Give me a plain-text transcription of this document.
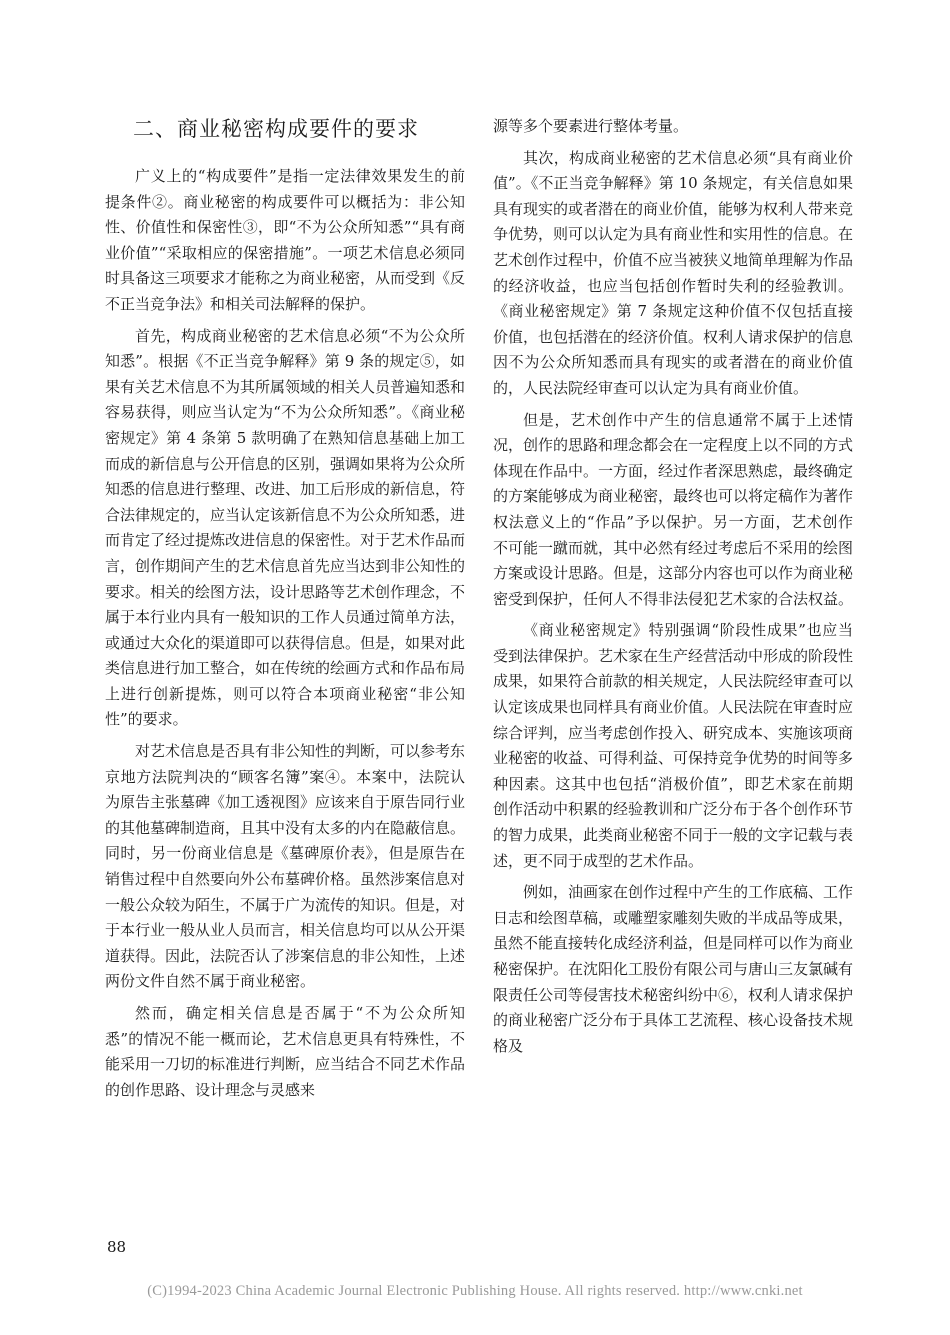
二、商业秘密构成要件的要求

广义上的“构成要件”是指一定法律效果发生的前提条件②。商业秘密的构成要件可以概括为：非公知性、价值性和保密性③，即“不为公众所知悉”“具有商业价值”“采取相应的保密措施”。一项艺术信息必须同时具备这三项要求才能称之为商业秘密，从而受到《反不正当竞争法》和相关司法解释的保护。

首先，构成商业秘密的艺术信息必须“不为公众所知悉”。根据《不正当竞争解释》第 9 条的规定⑤，如果有关艺术信息不为其所属领域的相关人员普遍知悉和容易获得，则应当认定为“不为公众所知悉”。《商业秘密规定》第 4 条第 5 款明确了在熟知信息基础上加工而成的新信息与公开信息的区别，强调如果将为公众所知悉的信息进行整理、改进、加工后形成的新信息，符合法律规定的，应当认定该新信息不为公众所知悉，进而肯定了经过提炼改进信息的保密性。对于艺术作品而言，创作期间产生的艺术信息首先应当达到非公知性的要求。相关的绘图方法，设计思路等艺术创作理念，不属于本行业内具有一般知识的工作人员通过简单方法，或通过大众化的渠道即可以获得信息。但是，如果对此类信息进行加工整合，如在传统的绘画方式和作品布局上进行创新提炼，则可以符合本项商业秘密“非公知性”的要求。

对艺术信息是否具有非公知性的判断，可以参考东京地方法院判决的“顾客名簿”案④。本案中，法院认为原告主张墓碑《加工透视图》应该来自于原告同行业的其他墓碑制造商，且其中没有太多的内在隐蔽信息。同时，另一份商业信息是《墓碑原价表》，但是原告在销售过程中自然要向外公布墓碑价格。虽然涉案信息对一般公众较为陌生，不属于广为流传的知识。但是，对于本行业一般从业人员而言，相关信息均可以从公开渠道获得。因此，法院否认了涉案信息的非公知性，上述两份文件自然不属于商业秘密。

然而，确定相关信息是否属于“不为公众所知悉”的情况不能一概而论，艺术信息更具有特殊性，不能采用一刀切的标准进行判断，应当结合不同艺术作品的创作思路、设计理念与灵感来

源等多个要素进行整体考量。

其次，构成商业秘密的艺术信息必须“具有商业价值”。《不正当竞争解释》第 10 条规定，有关信息如果具有现实的或者潜在的商业价值，能够为权利人带来竞争优势，则可以认定为具有商业性和实用性的信息。在艺术创作过程中，价值不应当被狭义地简单理解为作品的经济收益，也应当包括创作暂时失利的经验教训。《商业秘密规定》第 7 条规定这种价值不仅包括直接价值，也包括潜在的经济价值。权利人请求保护的信息因不为公众所知悉而具有现实的或者潜在的商业价值的，人民法院经审查可以认定为具有商业价值。

但是，艺术创作中产生的信息通常不属于上述情况，创作的思路和理念都会在一定程度上以不同的方式体现在作品中。一方面，经过作者深思熟虑，最终确定的方案能够成为商业秘密，最终也可以将定稿作为著作权法意义上的“作品”予以保护。另一方面，艺术创作不可能一蹴而就，其中必然有经过考虑后不采用的绘图方案或设计思路。但是，这部分内容也可以作为商业秘密受到保护，任何人不得非法侵犯艺术家的合法权益。

《商业秘密规定》特别强调“阶段性成果”也应当受到法律保护。艺术家在生产经营活动中形成的阶段性成果，如果符合前款的相关规定，人民法院经审查可以认定该成果也同样具有商业价值。人民法院在审查时应综合评判，应当考虑创作投入、研究成本、实施该项商业秘密的收益、可得利益、可保持竞争优势的时间等多种因素。这其中也包括“消极价值”，即艺术家在前期创作活动中积累的经验教训和广泛分布于各个创作环节的智力成果，此类商业秘密不同于一般的文字记载与表述，更不同于成型的艺术作品。

例如，油画家在创作过程中产生的工作底稿、工作日志和绘图草稿，或雕塑家雕刻失败的半成品等成果，虽然不能直接转化成经济利益，但是同样可以作为商业秘密保护。在沈阳化工股份有限公司与唐山三友氯碱有限责任公司等侵害技术秘密纠纷中⑥，权利人请求保护的商业秘密广泛分布于具体工艺流程、核心设备技术规格及

88
(C)1994-2023 China Academic Journal Electronic Publishing House. All rights reserved. http://www.cnki.net
